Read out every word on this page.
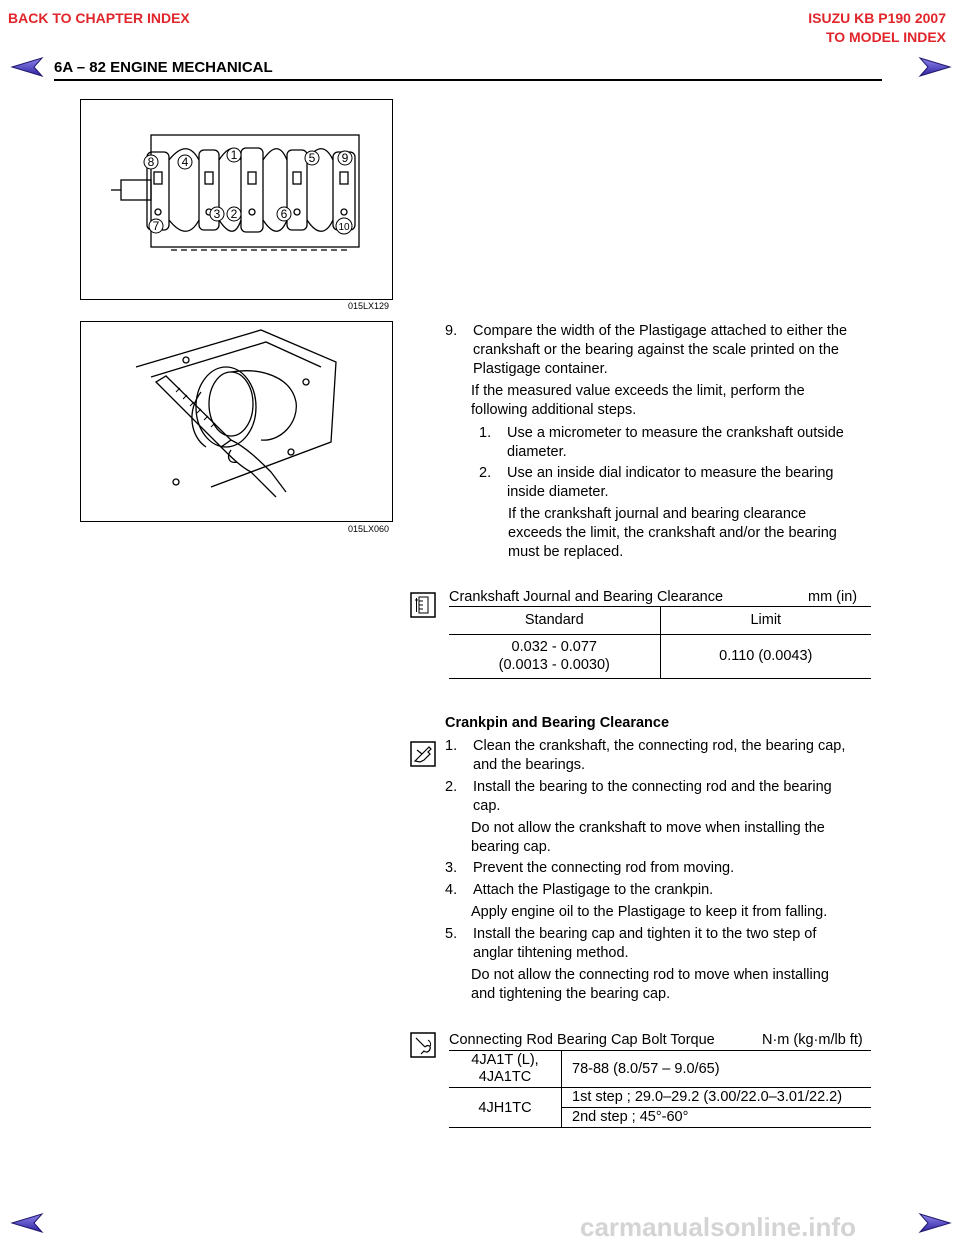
BACK TO CHAPTER INDEX	ISUZU KB P190 2007
TO MODEL INDEX
6A – 82 ENGINE MECHANICAL
8 4	1	5 9
7
3 2	6
10
015LX129
015LX060
9. Compare the width of the Plastigage attached to either the
crankshaft or the bearing against the scale printed on the
Plastigage container.
If the measured value exceeds the limit, perform the
following additional steps.
1. Use a micrometer to measure the crankshaft outside
diameter.
2. Use an inside dial indicator to measure the bearing
inside diameter.
If the crankshaft journal and bearing clearance
exceeds the limit, the crankshaft and/or the bearing
must be replaced.
Crankshaft Journal and Bearing Clearance	mm (in)
Standard	Limit

0.032 - 0.077
(0.0013 - 0.0030)	0.110 (0.0043)
Crankpin and Bearing Clearance
1. Clean the crankshaft, the connecting rod, the bearing cap,
and the bearings.
2. Install the bearing to the connecting rod and the bearing
cap.
Do not allow the crankshaft to move when installing the
bearing cap.
3. Prevent the connecting rod from moving.
4. Attach the Plastigage to the crankpin.
Apply engine oil to the Plastigage to keep it from falling.
5. Install the bearing cap and tighten it to the two step of
anglar tihtening method.
Do not allow the connecting rod to move when installing
and tightening the bearing cap.
Connecting Rod Bearing Cap Bolt Torque	N·m (kg·m/lb ft)
4JA1T (L),
4JA1TC	78-88 (8.0/57 – 9.0/65)
4JH1TC	1st step ; 29.0–29.2 (3.00/22.0–3.01/22.2)
	2nd step ; 45°-60°
carmanualsonline.info
